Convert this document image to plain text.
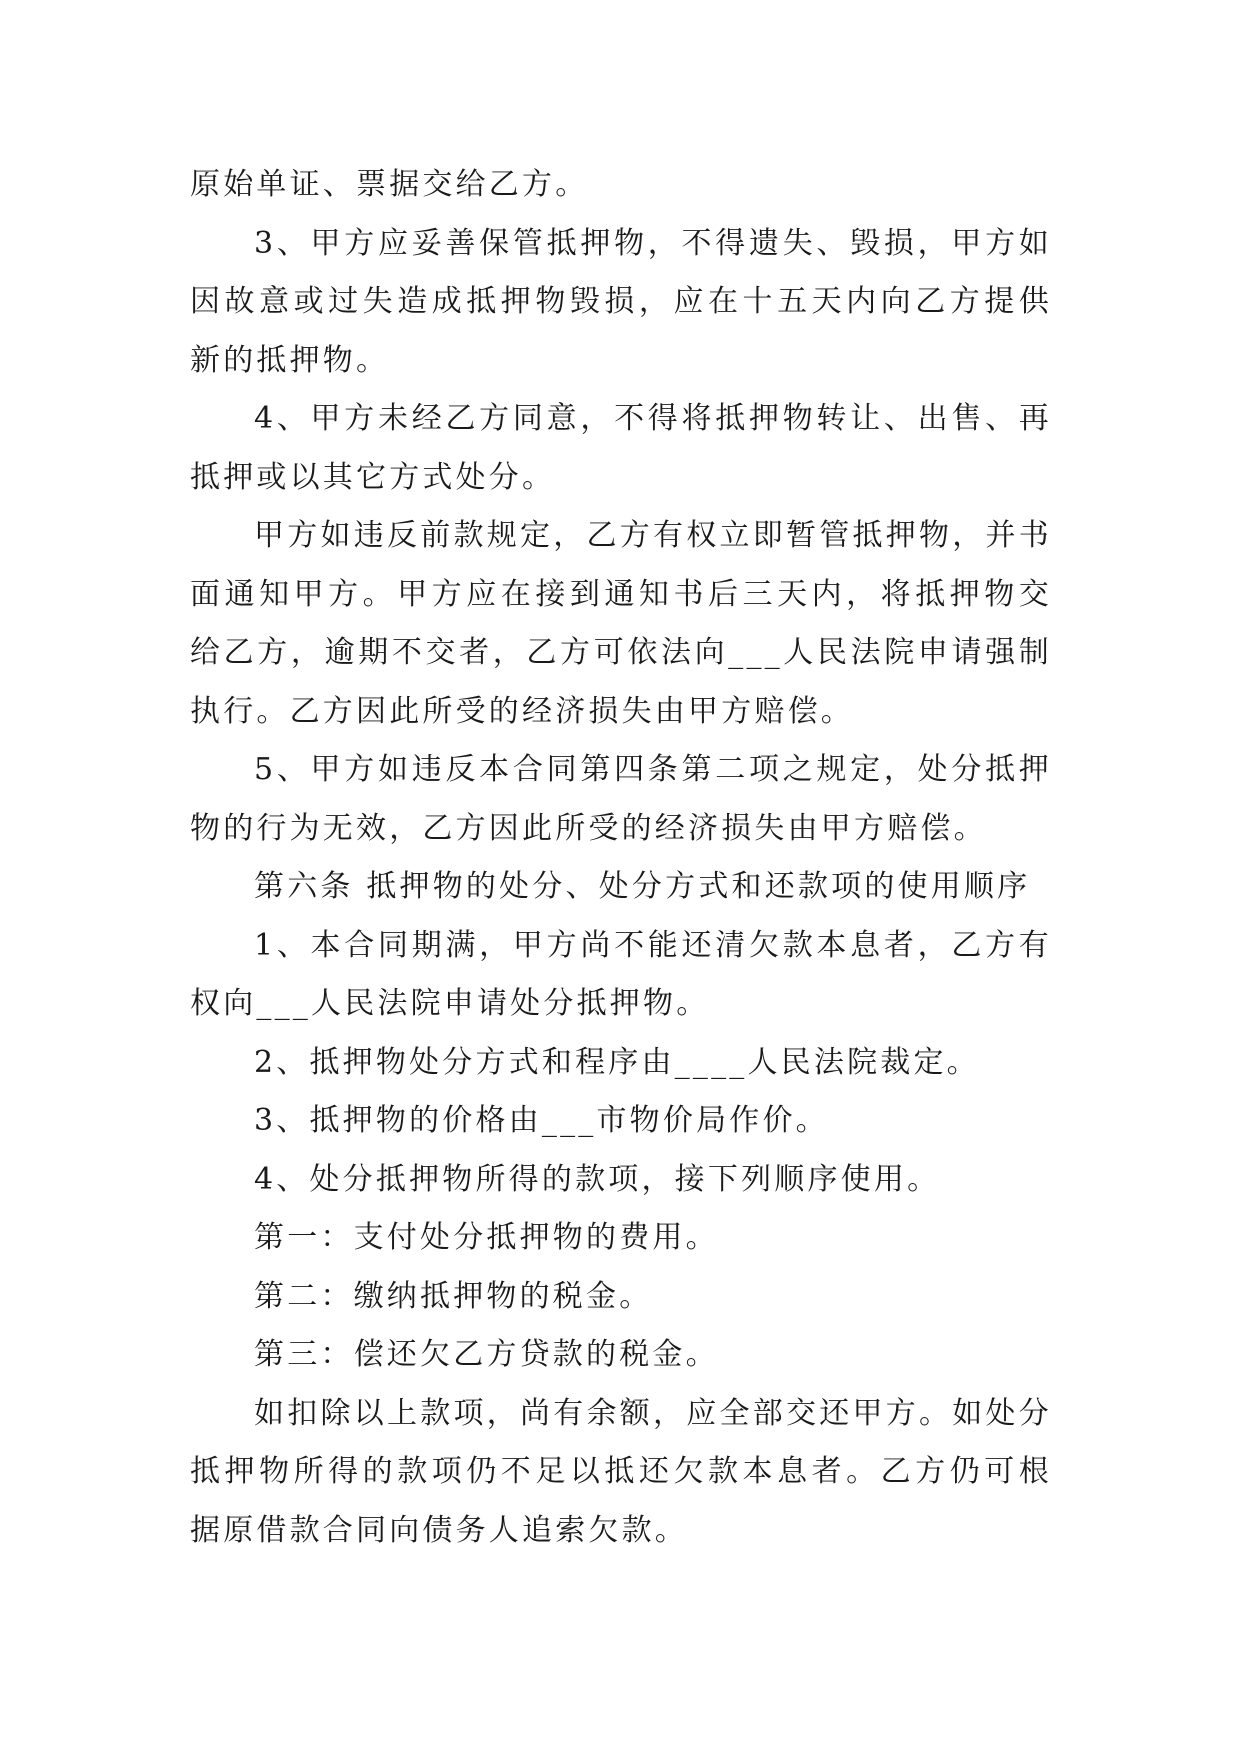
原始单证、票据交给乙方。

3、甲方应妥善保管抵押物，不得遗失、毁损，甲方如因故意或过失造成抵押物毁损，应在十五天内向乙方提供新的抵押物。

4、甲方未经乙方同意，不得将抵押物转让、出售、再抵押或以其它方式处分。

甲方如违反前款规定，乙方有权立即暂管抵押物，并书面通知甲方。甲方应在接到通知书后三天内，将抵押物交给乙方，逾期不交者，乙方可依法向___人民法院申请强制执行。乙方因此所受的经济损失由甲方赔偿。

5、甲方如违反本合同第四条第二项之规定，处分抵押物的行为无效，乙方因此所受的经济损失由甲方赔偿。

第六条 抵押物的处分、处分方式和还款项的使用顺序

1、本合同期满，甲方尚不能还清欠款本息者，乙方有权向___人民法院申请处分抵押物。

2、抵押物处分方式和程序由____人民法院裁定。

3、抵押物的价格由___市物价局作价。

4、处分抵押物所得的款项，接下列顺序使用。

第一：支付处分抵押物的费用。

第二：缴纳抵押物的税金。

第三：偿还欠乙方贷款的税金。

如扣除以上款项，尚有余额，应全部交还甲方。如处分抵押物所得的款项仍不足以抵还欠款本息者。乙方仍可根据原借款合同向债务人追索欠款。
